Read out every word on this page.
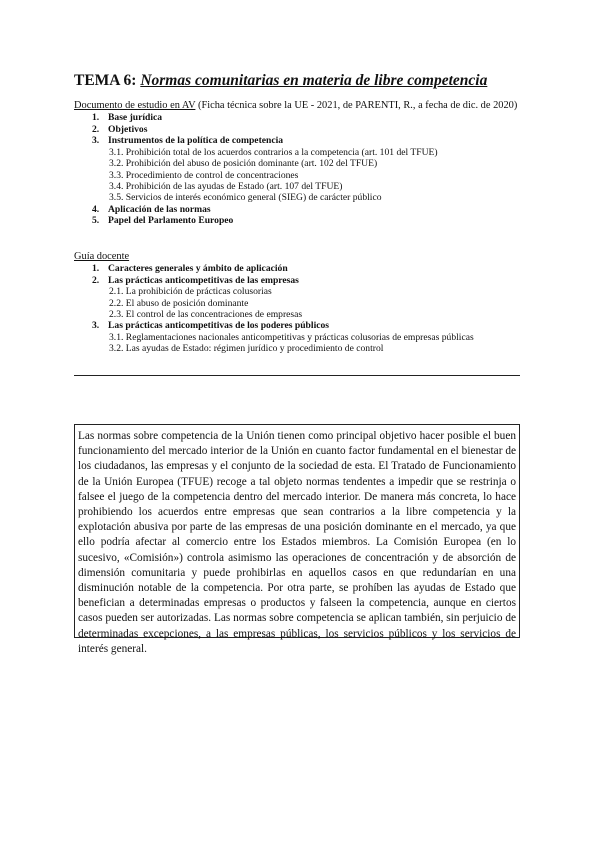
TEMA 6: Normas comunitarias en materia de libre competencia
Documento de estudio en AV (Ficha técnica sobre la UE - 2021, de PARENTI, R., a fecha de dic. de 2020)
1. Base jurídica
2. Objetivos
3. Instrumentos de la política de competencia
3.1. Prohibición total de los acuerdos contrarios a la competencia (art. 101 del TFUE)
3.2. Prohibición del abuso de posición dominante (art. 102 del TFUE)
3.3. Procedimiento de control de concentraciones
3.4. Prohibición de las ayudas de Estado (art. 107 del TFUE)
3.5. Servicios de interés económico general (SIEG) de carácter público
4. Aplicación de las normas
5. Papel del Parlamento Europeo
Guía docente
1. Caracteres generales y ámbito de aplicación
2. Las prácticas anticompetitivas de las empresas
2.1. La prohibición de prácticas colusorias
2.2. El abuso de posición dominante
2.3. El control de las concentraciones de empresas
3. Las prácticas anticompetitivas de los poderes públicos
3.1. Reglamentaciones nacionales anticompetitivas y prácticas colusorias de empresas públicas
3.2. Las ayudas de Estado: régimen jurídico y procedimiento de control
Las normas sobre competencia de la Unión tienen como principal objetivo hacer posible el buen funcionamiento del mercado interior de la Unión en cuanto factor fundamental en el bienestar de los ciudadanos, las empresas y el conjunto de la sociedad de esta. El Tratado de Funcionamiento de la Unión Europea (TFUE) recoge a tal objeto normas tendentes a impedir que se restrinja o falsee el juego de la competencia dentro del mercado interior. De manera más concreta, lo hace prohibiendo los acuerdos entre empresas que sean contrarios a la libre competencia y la explotación abusiva por parte de las empresas de una posición dominante en el mercado, ya que ello podría afectar al comercio entre los Estados miembros. La Comisión Europea (en lo sucesivo, «Comisión») controla asimismo las operaciones de concentración y de absorción de dimensión comunitaria y puede prohibirlas en aquellos casos en que redundarían en una disminución notable de la competencia. Por otra parte, se prohíben las ayudas de Estado que benefician a determinadas empresas o productos y falseen la competencia, aunque en ciertos casos pueden ser autorizadas. Las normas sobre competencia se aplican también, sin perjuicio de determinadas excepciones, a las empresas públicas, los servicios públicos y los servicios de interés general.
